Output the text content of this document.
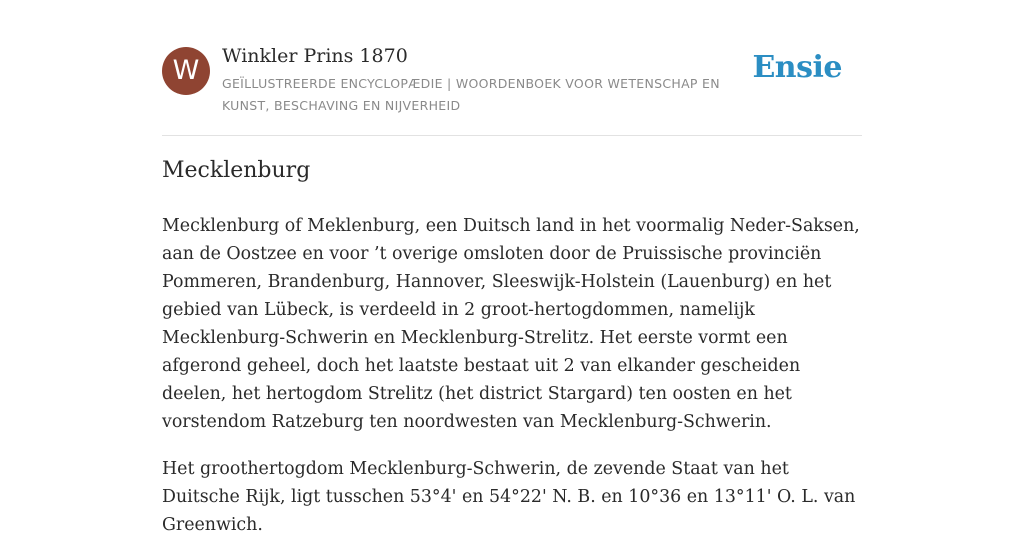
W	Winkler Prins 1870
GEÏLLUSTREERDE ENCYCLOPÆDIE | WOORDENBOEK VOOR WETENSCHAP EN KUNST, BESCHAVING EN NIJVERHEID
Ensie
Mecklenburg

Mecklenburg of Meklenburg, een Duitsch land in het voormalig Neder-Saksen, aan de Oostzee en voor ’t overige omsloten door de Pruissische provinciën Pommeren, Brandenburg, Hannover, Sleeswijk-Holstein (Lauenburg) en het gebied van Lübeck, is verdeeld in 2 groot-hertogdommen, namelijk Mecklenburg-Schwerin en Mecklenburg-Strelitz. Het eerste vormt een afgerond geheel, doch het laatste bestaat uit 2 van elkander gescheiden deelen, het hertogdom Strelitz (het district Stargard) ten oosten en het vorstendom Ratzeburg ten noordwesten van Mecklenburg-Schwerin.

Het groothertogdom Mecklenburg-Schwerin, de zevende Staat van het Duitsche Rijk, ligt tusschen 53°4' en 54°22' N. B. en 10°36 en 13°11' O. L. van Greenwich.
